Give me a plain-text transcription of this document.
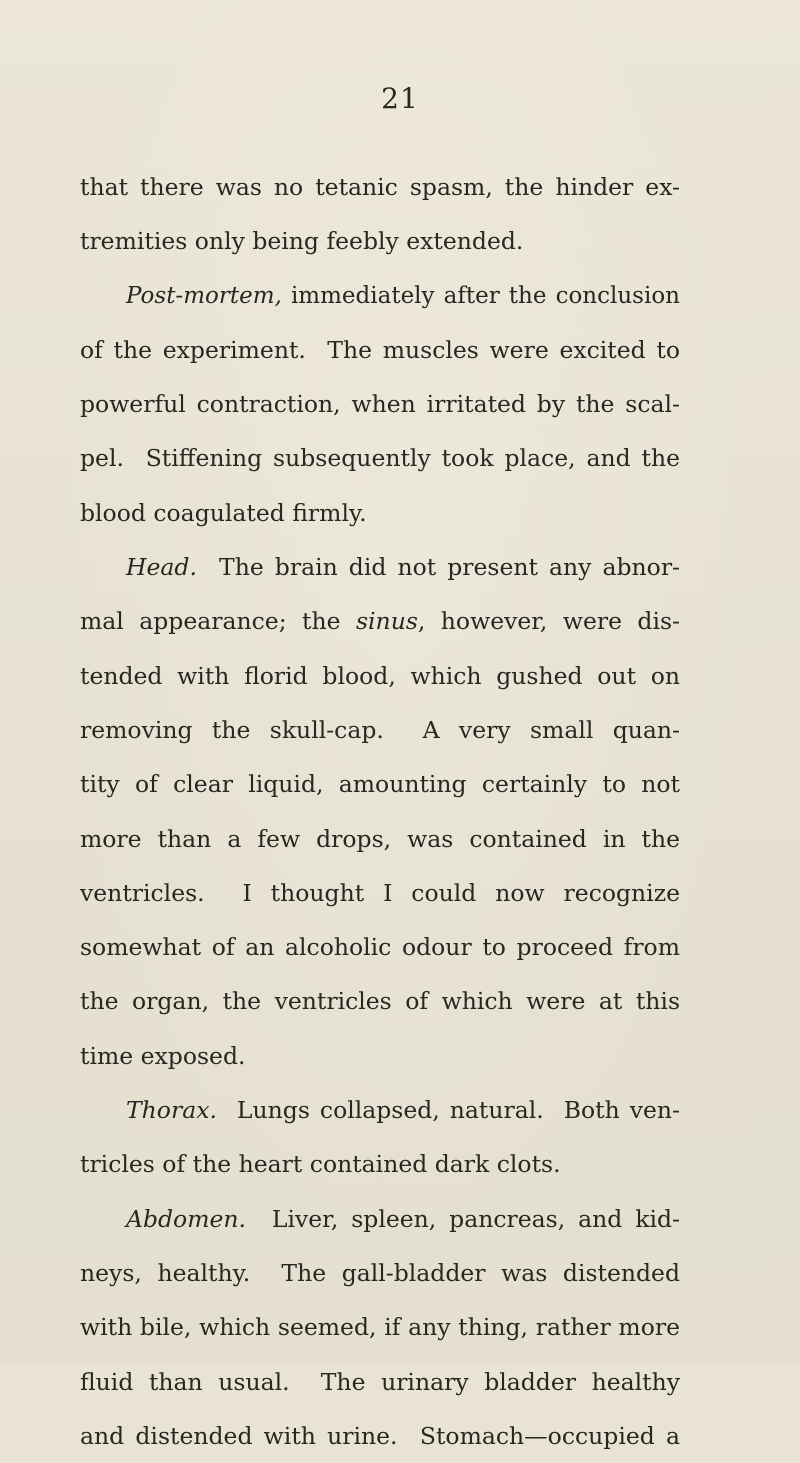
21
that there was no tetanic spasm, the hinder ex-
tremities only being feebly extended.
Post-mortem, immediately after the conclusion
of the experiment.  The muscles were excited to
powerful contraction, when irritated by the scal-
pel.  Stiffening subsequently took place, and the
blood coagulated firmly.
Head.  The brain did not present any abnor-
mal appearance; the sinus, however, were dis-
tended with florid blood, which gushed out on
removing the skull-cap.  A very small quan-
tity of clear liquid, amounting certainly to not
more than a few drops, was contained in the
ventricles.  I thought I could now recognize
somewhat of an alcoholic odour to proceed from
the organ, the ventricles of which were at this
time exposed.
Thorax.  Lungs collapsed, natural.  Both ven-
tricles of the heart contained dark clots.
Abdomen.  Liver, spleen, pancreas, and kid-
neys, healthy.  The gall-bladder was distended
with bile, which seemed, if any thing, rather more
fluid than usual.  The urinary bladder healthy
and distended with urine.  Stomach—occupied a
